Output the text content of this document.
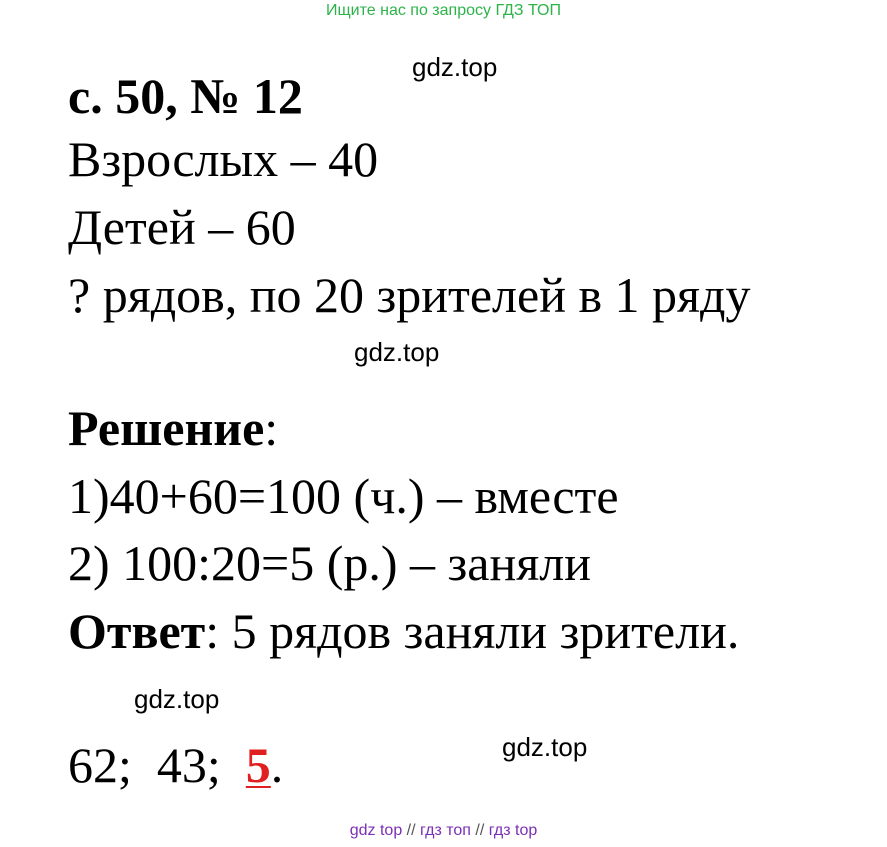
Ищите нас по запросу ГДЗ ТОП
gdz.top
gdz.top
gdz.top
gdz.top
с. 50, № 12
Взрослых – 40
Детей – 60
? рядов, по 20 зрителей в 1 ряду
Решение:
1)40+60=100 (ч.) – вместе
2) 100:20=5 (р.) – заняли
Ответ: 5 рядов заняли зрители.
62;  43;  5.
gdz top // гдз топ // гдз top
